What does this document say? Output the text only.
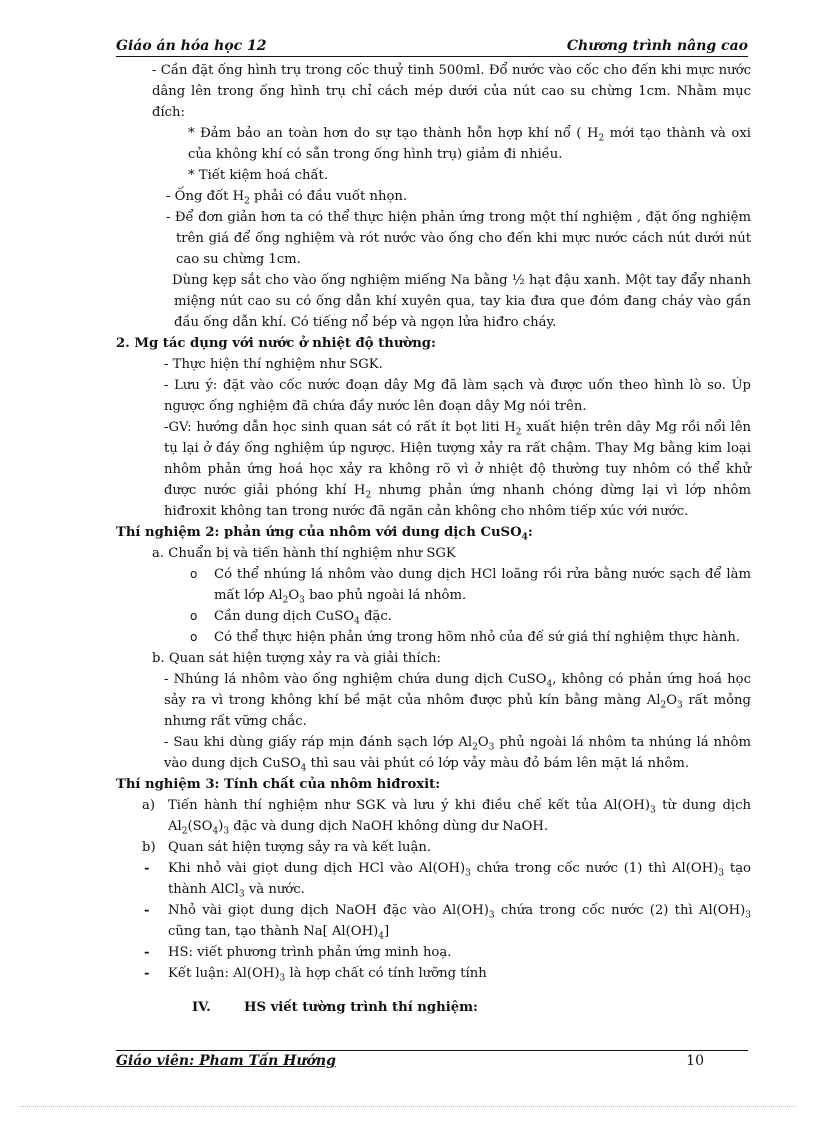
Giáo án hóa học 12	Chương trình nâng cao

- Cần đặt ống hình trụ trong cốc thuỷ tinh 500ml. Đổ nước vào cốc cho đến khi mực nước dâng lên trong ống hình trụ chỉ cách mép dưới của nút cao su chừng 1cm. Nhằm mục đích:

* Đảm bảo an toàn hơn do sự tạo thành hỗn hợp khí nổ ( $H_2$ mới tạo thành và oxi của không khí có sẵn trong ống hình trụ) giảm đi nhiều.

* Tiết kiệm hoá chất.

- Ống đốt $H_2$ phải có đầu vuốt nhọn.

- Để đơn giản hơn ta có thể thực hiện phản ứng trong một thí nghiệm , đặt ống nghiệm trên giá để ống nghiệm và rót nước vào ống cho đến khi mực nước cách nút dưới nút cao su chừng 1cm.

Dùng kẹp sắt cho vào ống nghiệm miếng Na bằng ½ hạt đậu xanh. Một tay đẩy nhanh miệng nút cao su có ống dẫn khí xuyên qua, tay kia đưa que đóm đang cháy vào gần đầu ống dẫn khí. Có tiếng nổ bép và ngọn lửa hiđro cháy.

2. Mg tác dụng với nước ở nhiệt độ thường:

- Thực hiện thí nghiệm như SGK.

- Lưu ý: đặt vào cốc nước đoạn dây Mg đã làm sạch và được uốn theo hình lò so. Úp ngược ống nghiệm đã chứa đầy nước lên đoạn dây Mg nói trên.

-GV: hướng dẫn học sinh quan sát có rất ít bọt liti $H_2$ xuất hiện trên dây Mg rồi nổi lên tụ lại ở đáy ống nghiệm úp ngược. Hiện tượng xảy ra rất chậm. Thay Mg bằng kim loại nhôm phản ứng hoá học xảy ra không rõ vì ở nhiệt độ thường tuy nhôm có thể khử được nước giải phóng khí $H_2$ nhưng phản ứng nhanh chóng dừng lại vì lớp nhôm hiđroxit không tan trong nước đã ngăn cản không cho nhôm tiếp xúc với nước.

Thí nghiệm 2: phản ứng của nhôm với dung dịch CuSO$_4$:

a. Chuẩn bị và tiến hành thí nghiệm như SGK

o Có thể nhúng lá nhôm vào dung dịch HCl loãng rồi rửa bằng nước sạch để làm mất lớp $Al_2O_3$ bao phủ ngoài lá nhôm.

o Cần dung dịch CuSO$_4$ đặc.

o Có thể thực hiện phản ứng trong hõm nhỏ của đế sứ giá thí nghiệm thực hành.

b. Quan sát hiện tượng xảy ra và giải thích:

- Nhúng lá nhôm vào ống nghiệm chứa dung dịch CuSO$_4$, không có phản ứng hoá học sảy ra vì trong không khí bề mặt của nhôm được phủ kín bằng màng $Al_2O_3$ rất mỏng nhưng rất vững chắc.

- Sau khi dùng giấy ráp mịn đánh sạch lớp $Al_2O_3$ phủ ngoài lá nhôm ta nhúng lá nhôm vào dung dịch CuSO$_4$ thì sau vài phút có lớp vảy màu đỏ bám lên mặt lá nhôm.

Thí nghiệm 3: Tính chất của nhôm hiđroxit:

a) Tiến hành thí nghiệm như SGK và lưu ý khi điều chế kết tủa $Al(OH)_3$ từ dung dịch $Al_2(SO_4)_3$ đặc và dung dịch NaOH không dùng dư NaOH.

b) Quan sát hiện tượng sảy ra và kết luận.

- Khi nhỏ vài giọt dung dịch HCl vào $Al(OH)_3$ chứa trong cốc nước (1) thì $Al(OH)_3$ tạo thành AlCl$_3$ và nước.

- Nhỏ vài giọt dung dịch NaOH đặc vào $Al(OH)_3$ chứa trong cốc nước (2) thì $Al(OH)_3$ cũng tan, tạo thành Na[ $Al(OH)_4$]

- HS: viết phương trình phản ứng minh hoạ.

- Kết luận: $Al(OH)_3$ là hợp chất có tính lưỡng tính

IV.	HS viết tường trình thí nghiệm:

Giáo viên: Pham Tấn Hướng	10
